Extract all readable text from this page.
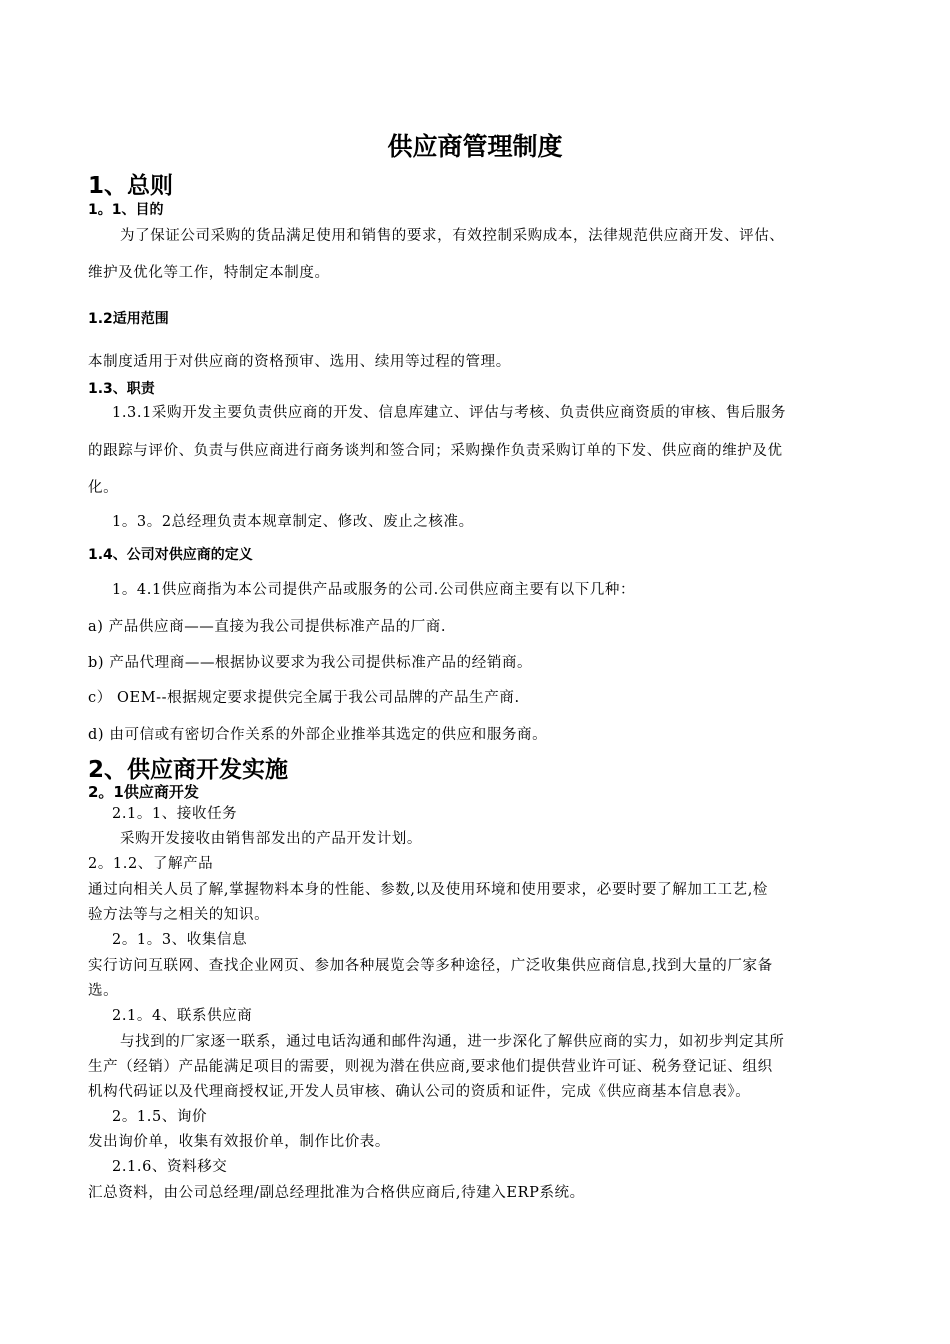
供应商管理制度
1、总则
1。1、目的
为了保证公司采购的货品满足使用和销售的要求，有效控制采购成本，法律规范供应商开发、评估、
维护及优化等工作，特制定本制度。
1.2适用范围
本制度适用于对供应商的资格预审、选用、续用等过程的管理。
1.3、职责
1.3.1采购开发主要负责供应商的开发、信息库建立、评估与考核、负责供应商资质的审核、售后服务
的跟踪与评价、负责与供应商进行商务谈判和签合同；采购操作负责采购订单的下发、供应商的维护及优
化。
1。3。2总经理负责本规章制定、修改、废止之核准。
1.4、公司对供应商的定义
1。4.1供应商指为本公司提供产品或服务的公司.公司供应商主要有以下几种：
a) 产品供应商——直接为我公司提供标准产品的厂商.
b) 产品代理商——根据协议要求为我公司提供标准产品的经销商。
c） OEM--根据规定要求提供完全属于我公司品牌的产品生产商.
d) 由可信或有密切合作关系的外部企业推举其选定的供应和服务商。
2、供应商开发实施
2。1供应商开发
2.1。1、接收任务
采购开发接收由销售部发出的产品开发计划。
2。1.2、了解产品
通过向相关人员了解,掌握物料本身的性能、参数,以及使用环境和使用要求，必要时要了解加工工艺,检
验方法等与之相关的知识。
2。1。3、收集信息
实行访问互联网、查找企业网页、参加各种展览会等多种途径，广泛收集供应商信息,找到大量的厂家备
选。
2.1。4、联系供应商
与找到的厂家逐一联系，通过电话沟通和邮件沟通，进一步深化了解供应商的实力，如初步判定其所
生产（经销）产品能满足项目的需要，则视为潜在供应商,要求他们提供营业许可证、税务登记证、组织
机构代码证以及代理商授权证,开发人员审核、确认公司的资质和证件，完成《供应商基本信息表》。
2。1.5、询价
发出询价单，收集有效报价单，制作比价表。
2.1.6、资料移交
汇总资料，由公司总经理/副总经理批准为合格供应商后,待建入ERP系统。
